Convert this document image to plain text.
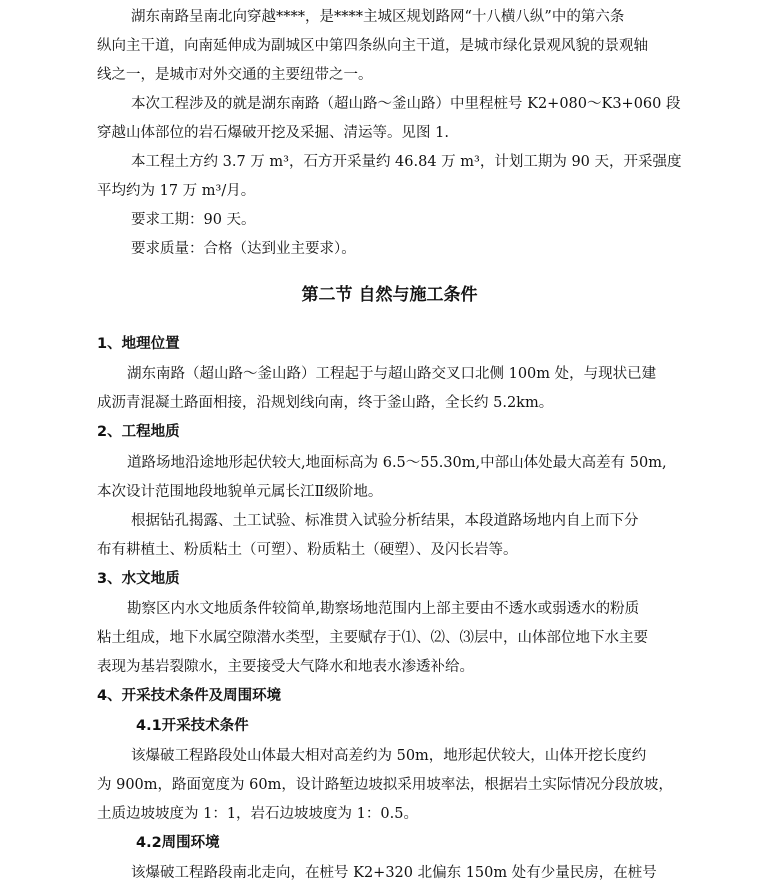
湖东南路呈南北向穿越****，是****主城区规划路网“十八横八纵”中的第六条
纵向主干道，向南延伸成为副城区中第四条纵向主干道，是城市绿化景观风貌的景观轴
线之一，是城市对外交通的主要纽带之一。
本次工程涉及的就是湖东南路（超山路～釜山路）中里程桩号 K2+080～K3+060 段
穿越山体部位的岩石爆破开挖及采掘、清运等。见图 1.
本工程土方约 3.7 万 m³，石方开采量约 46.84 万 m³，计划工期为 90 天，开采强度
平均约为 17 万 m³/月。
要求工期：90 天。
要求质量：合格（达到业主要求）。
第二节 自然与施工条件
1、地理位置
湖东南路（超山路～釜山路）工程起于与超山路交叉口北侧 100m 处，与现状已建
成沥青混凝土路面相接，沿规划线向南，终于釜山路，全长约 5.2km。
2、工程地质
道路场地沿途地形起伏较大,地面标高为 6.5～55.30m,中部山体处最大高差有 50m,
本次设计范围地段地貌单元属长江Ⅱ级阶地。
根据钻孔揭露、土工试验、标准贯入试验分析结果，本段道路场地内自上而下分
布有耕植土、粉质粘土（可塑）、粉质粘土（硬塑）、及闪长岩等。
3、水文地质
勘察区内水文地质条件较简单,勘察场地范围内上部主要由不透水或弱透水的粉质
粘土组成，地下水属空隙潜水类型，主要赋存于⑴、⑵、⑶层中，山体部位地下水主要
表现为基岩裂隙水，主要接受大气降水和地表水渗透补给。
4、开采技术条件及周围环境
4.1开采技术条件
该爆破工程路段处山体最大相对高差约为 50m，地形起伏较大，山体开挖长度约
为 900m，路面宽度为 60m，设计路堑边坡拟采用坡率法，根据岩土实际情况分段放坡，
土质边坡坡度为 1：1，岩石边坡坡度为 1：0.5。
4.2周围环境
该爆破工程路段南北走向，在桩号 K2+320 北偏东 150m 处有少量民房，在桩号
